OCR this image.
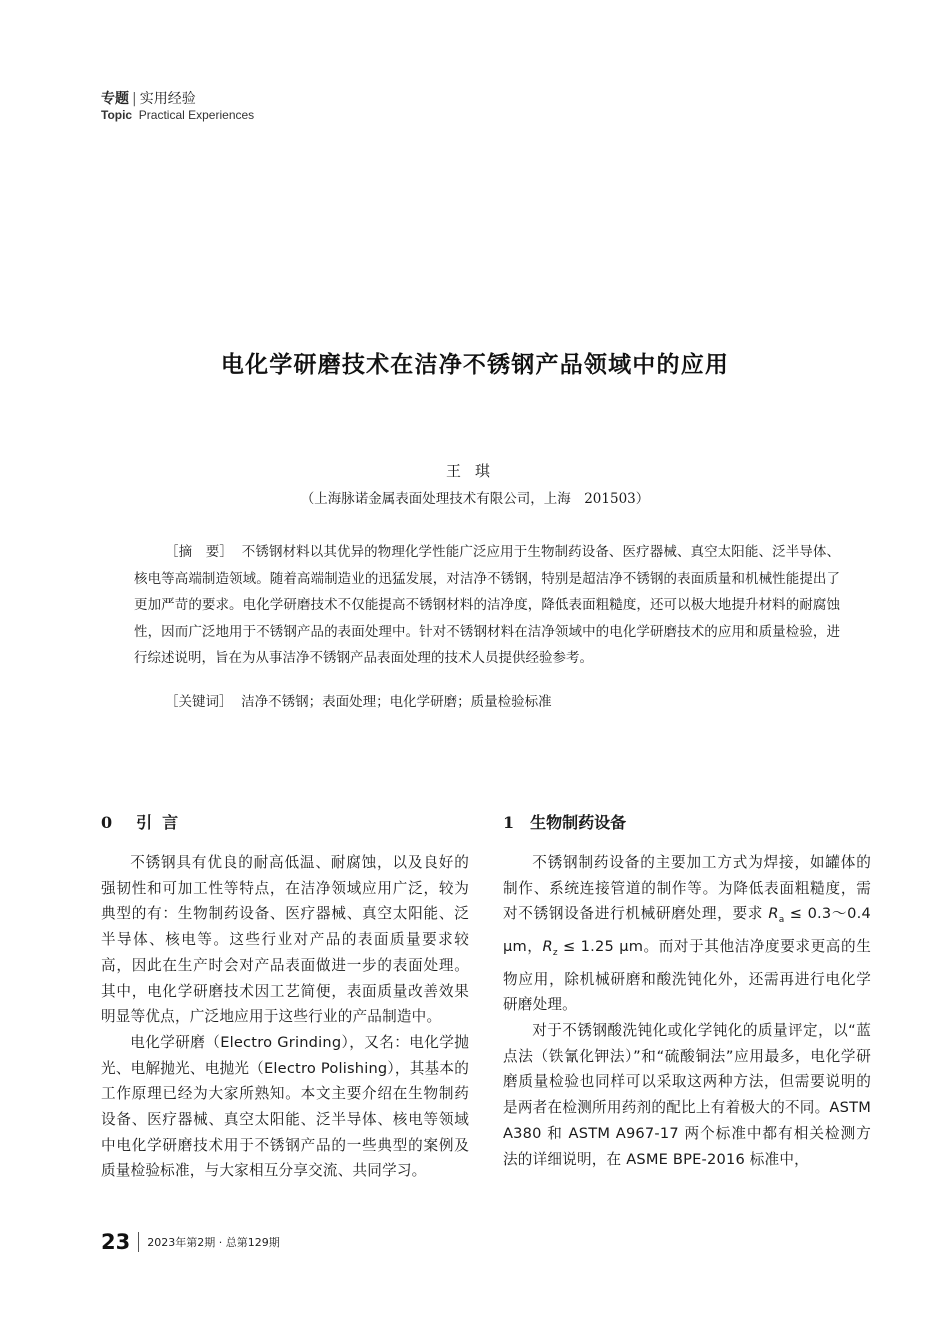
专题 | 实用经验
Topic Practical Experiences
电化学研磨技术在洁净不锈钢产品领域中的应用
王琪
（上海脉诺金属表面处理技术有限公司，上海　201503）
［摘　要］ 不锈钢材料以其优异的物理化学性能广泛应用于生物制药设备、医疗器械、真空太阳能、泛半导体、核电等高端制造领域。随着高端制造业的迅猛发展，对洁净不锈钢，特别是超洁净不锈钢的表面质量和机械性能提出了更加严苛的要求。电化学研磨技术不仅能提高不锈钢材料的洁净度，降低表面粗糙度，还可以极大地提升材料的耐腐蚀性，因而广泛地用于不锈钢产品的表面处理中。针对不锈钢材料在洁净领域中的电化学研磨技术的应用和质量检验，进行综述说明，旨在为从事洁净不锈钢产品表面处理的技术人员提供经验参考。
［关键词］ 洁净不锈钢；表面处理；电化学研磨；质量检验标准
0 引言	1 生物制药设备

不锈钢具有优良的耐高低温、耐腐蚀，以及良好的强韧性和可加工性等特点，在洁净领域应用广泛，较为典型的有：生物制药设备、医疗器械、真空太阳能、泛半导体、核电等。这些行业对产品的表面质量要求较高，因此在生产时会对产品表面做进一步的表面处理。其中，电化学研磨技术因工艺简便，表面质量改善效果明显等优点，广泛地应用于这些行业的产品制造中。

电化学研磨（Electro Grinding），又名：电化学抛光、电解抛光、电抛光（Electro Polishing），其基本的工作原理已经为大家所熟知。本文主要介绍在生物制药设备、医疗器械、真空太阳能、泛半导体、核电等领域中电化学研磨技术用于不锈钢产品的一些典型的案例及质量检验标准，与大家相互分享交流、共同学习。

不锈钢制药设备的主要加工方式为焊接，如罐体的制作、系统连接管道的制作等。为降低表面粗糙度，需对不锈钢设备进行机械研磨处理，要求 $R_a$ ≤ 0.3～0.4 μm，$R_z \le 1.25$ μm。而对于其他洁净度要求更高的生物应用，除机械研磨和酸洗钝化外，还需再进行电化学研磨处理。

对于不锈钢酸洗钝化或化学钝化的质量评定，以“蓝点法（铁氰化钾法）”和“硫酸铜法”应用最多，电化学研磨质量检验也同样可以采取这两种方法，但需要说明的是两者在检测所用药剂的配比上有着极大的不同。ASTM A380 和 ASTM A967-17 两个标准中都有相关检测方法的详细说明，在 ASME BPE-2016 标准中，

23 2023年第2期 · 总第129期
